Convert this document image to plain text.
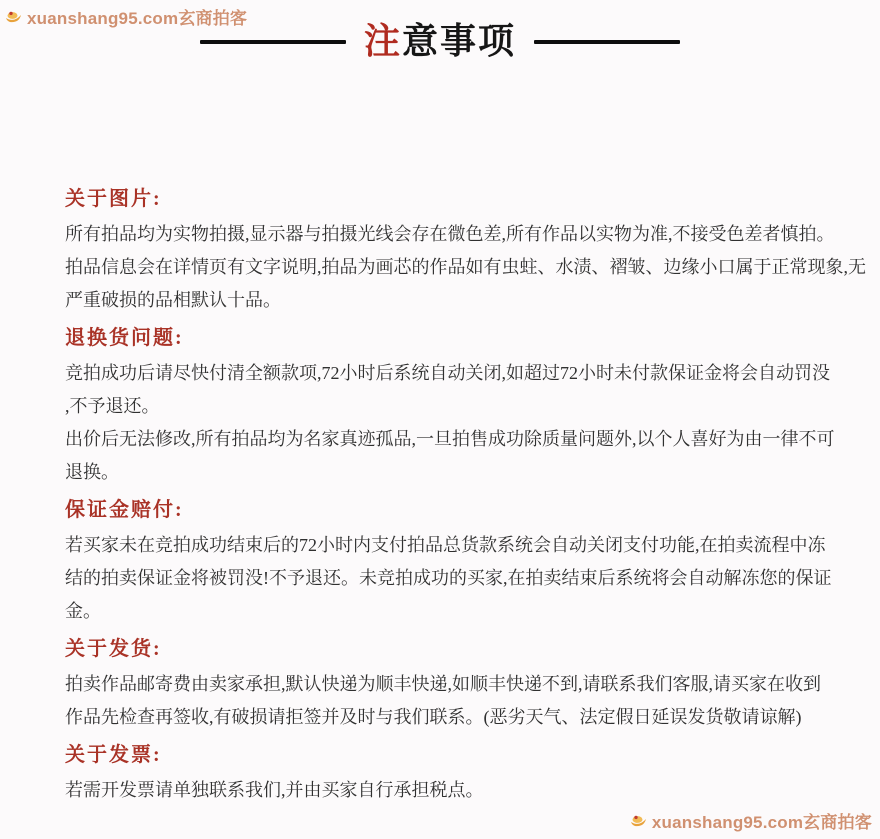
xuanshang95.com玄商拍客
注意事项
关于图片:
所有拍品均为实物拍摄,显示器与拍摄光线会存在微色差,所有作品以实物为准,不接受色差者慎拍。
拍品信息会在详情页有文字说明,拍品为画芯的作品如有虫蛀、水渍、褶皱、边缘小口属于正常现象,无
严重破损的品相默认十品。
退换货问题:
竞拍成功后请尽快付清全额款项,72小时后系统自动关闭,如超过72小时未付款保证金将会自动罚没
,不予退还。
出价后无法修改,所有拍品均为名家真迹孤品,一旦拍售成功除质量问题外,以个人喜好为由一律不可
退换。
保证金赔付:
若买家未在竞拍成功结束后的72小时内支付拍品总货款系统会自动关闭支付功能,在拍卖流程中冻
结的拍卖保证金将被罚没!不予退还。未竞拍成功的买家,在拍卖结束后系统将会自动解冻您的保证
金。
关于发货:
拍卖作品邮寄费由卖家承担,默认快递为顺丰快递,如顺丰快递不到,请联系我们客服,请买家在收到
作品先检查再签收,有破损请拒签并及时与我们联系。(恶劣天气、法定假日延误发货敬请谅解)
关于发票:
若需开发票请单独联系我们,并由买家自行承担税点。
xuanshang95.com玄商拍客
